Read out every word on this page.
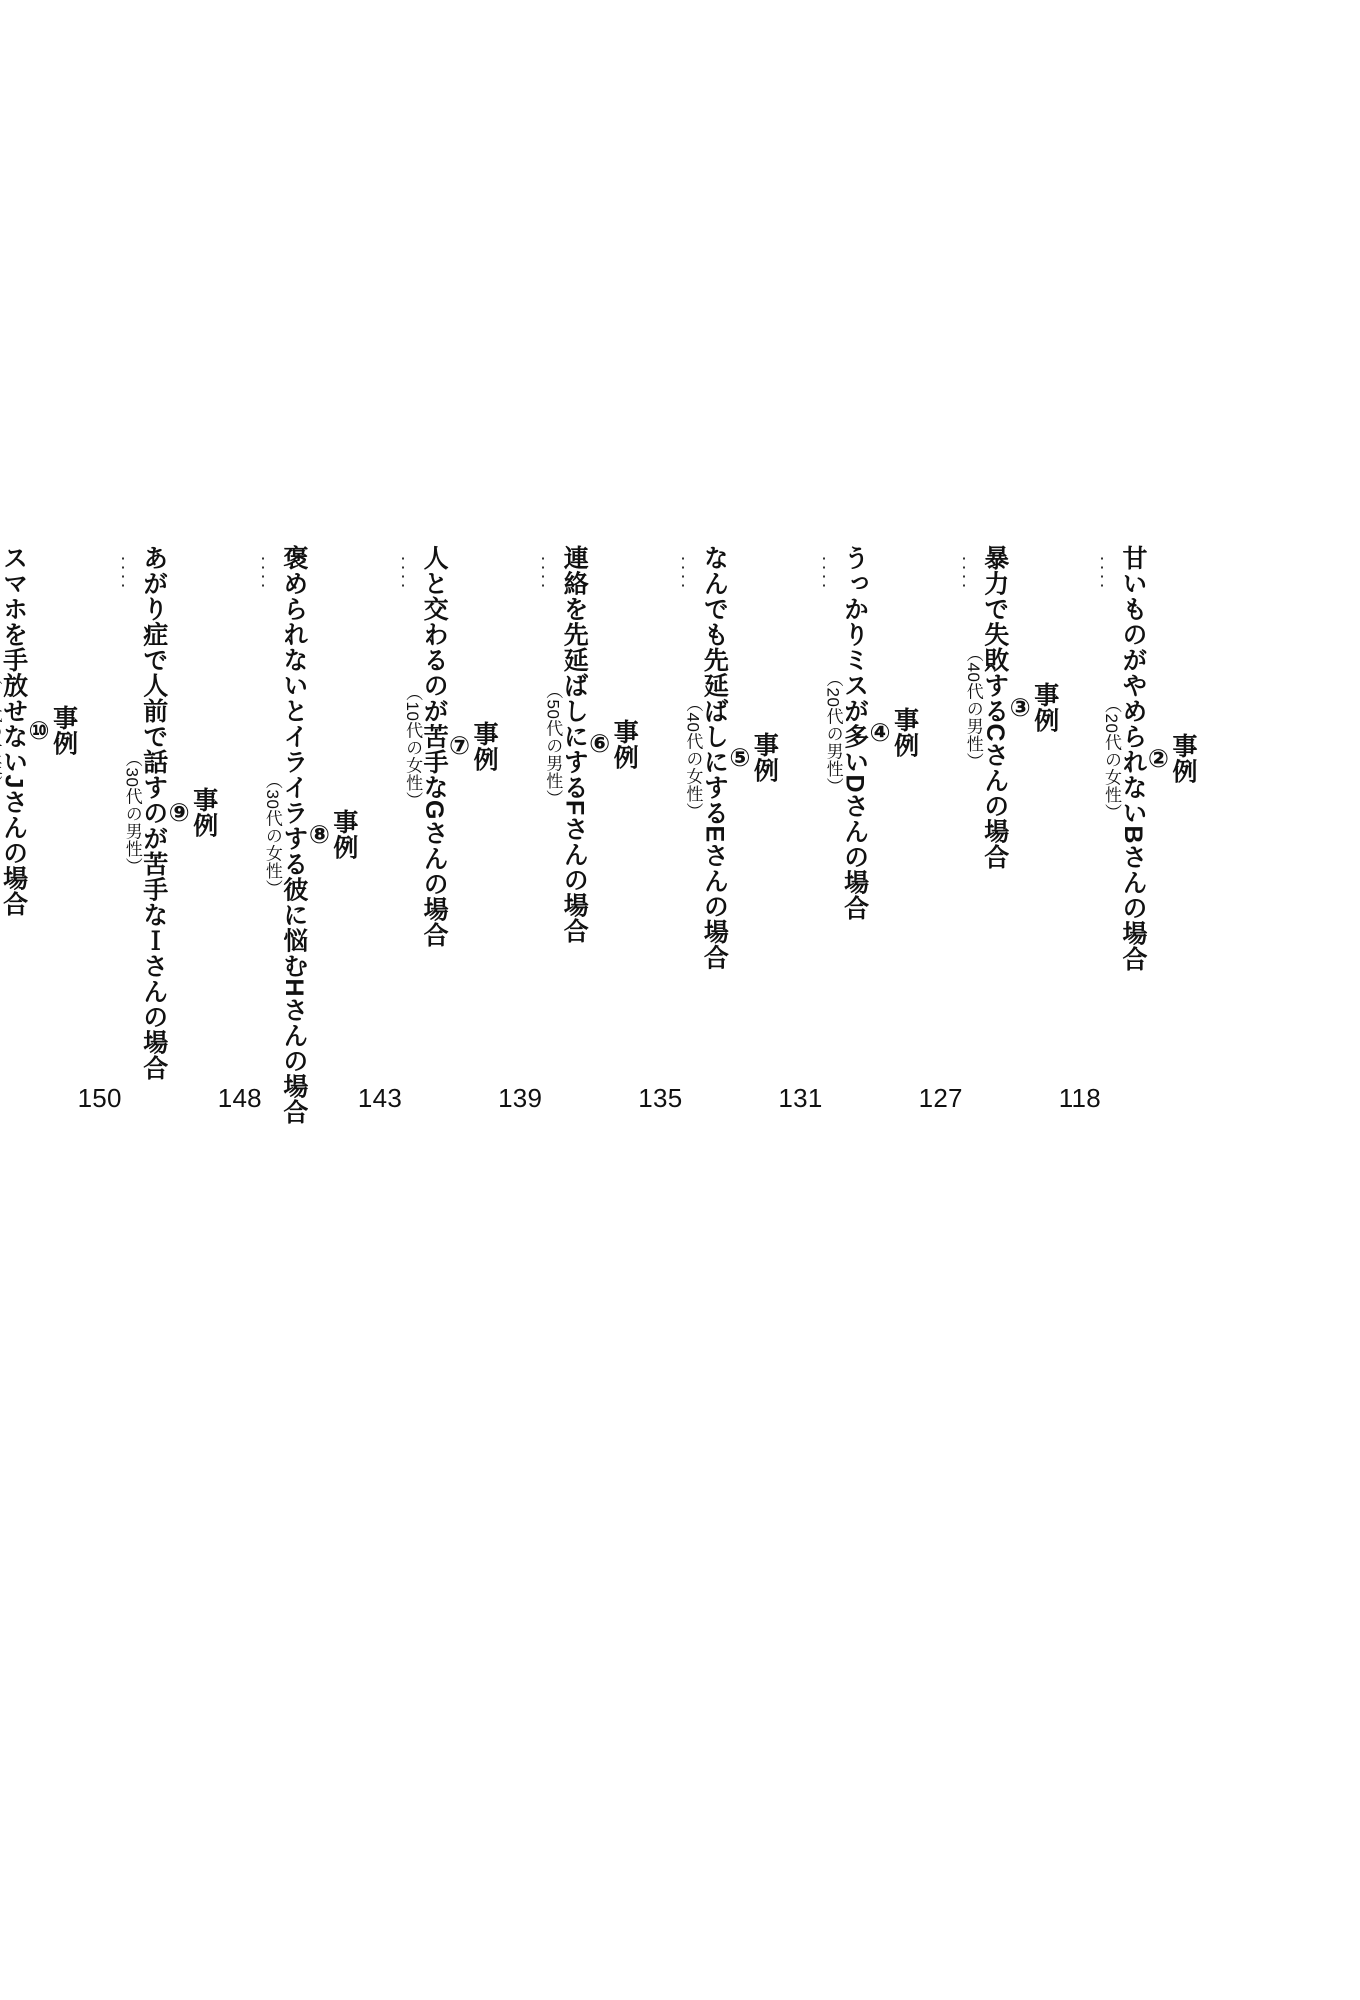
事例
②
甘いものがやめられないBさんの場合
（20代の女性）
118
事例
③
暴力で失敗するCさんの場合
（40代の男性）
127
事例
④
うっかりミスが多いDさんの場合
（20代の男性）
131
事例
⑤
なんでも先延ばしにするEさんの場合
（40代の女性）
135
事例
⑥
連絡を先延ばしにするFさんの場合
（50代の男性）
139
事例
⑦
人と交わるのが苦手なGさんの場合
（10代の女性）
143
事例
⑧
褒められないとイライラする彼に悩むHさんの場合
（30代の女性）
148
事例
⑨
あがり症で人前で話すのが苦手なＩさんの場合
（30代の男性）
150
事例
⑩
スマホを手放せないJさんの場合
